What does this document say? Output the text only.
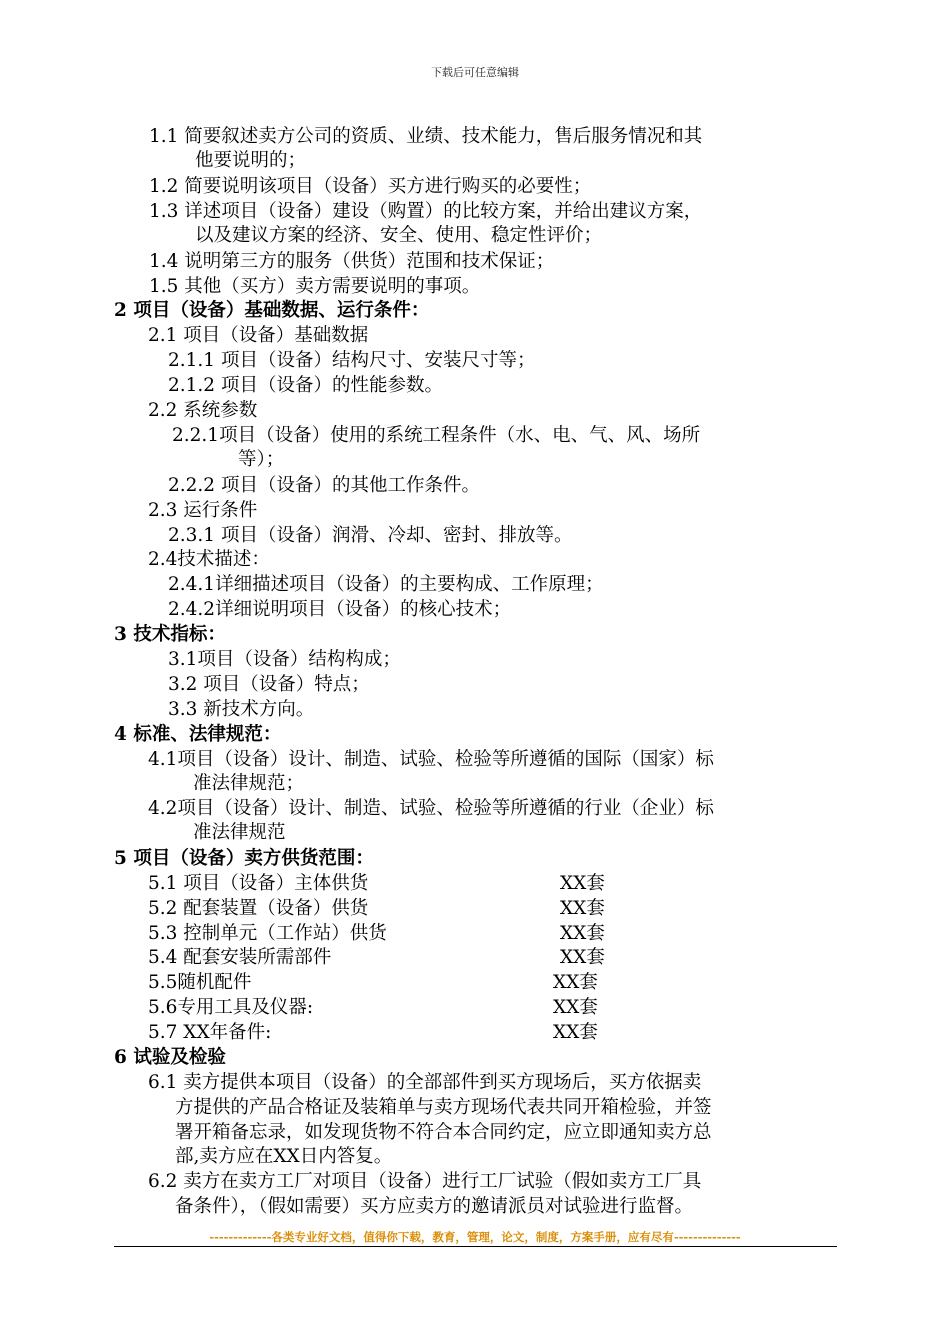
下载后可任意编辑
1.1 简要叙述卖方公司的资质、业绩、技术能力，售后服务情况和其
他要说明的；
1.2 简要说明该项目（设备）买方进行购买的必要性；
1.3 详述项目（设备）建设（购置）的比较方案，并给出建议方案，
以及建议方案的经济、安全、使用、稳定性评价；
1.4 说明第三方的服务（供货）范围和技术保证；
1.5 其他（买方）卖方需要说明的事项。
2 项目（设备）基础数据、运行条件：
2.1 项目（设备）基础数据
2.1.1 项目（设备）结构尺寸、安装尺寸等；
2.1.2 项目（设备）的性能参数。
2.2 系统参数
2.2.1项目（设备）使用的系统工程条件（水、电、气、风、场所
等）；
2.2.2 项目（设备）的其他工作条件。
2.3 运行条件
2.3.1 项目（设备）润滑、冷却、密封、排放等。
2.4技术描述：
2.4.1详细描述项目（设备）的主要构成、工作原理；
2.4.2详细说明项目（设备）的核心技术；
3 技术指标：
3.1项目（设备）结构构成；
3.2 项目（设备）特点；
3.3 新技术方向。
4 标准、法律规范：
4.1项目（设备）设计、制造、试验、检验等所遵循的国际（国家）标
准法律规范；
4.2项目（设备）设计、制造、试验、检验等所遵循的行业（企业）标
准法律规范
5 项目（设备）卖方供货范围：
5.1 项目（设备）主体供货	XX套
5.2 配套装置（设备）供货	XX套
5.3 控制单元（工作站）供货	XX套
5.4 配套安装所需部件	XX套
5.5随机配件	XX套
5.6专用工具及仪器:	XX套
5.7 XX年备件:	XX套
6 试验及检验
6.1 卖方提供本项目（设备）的全部部件到买方现场后，买方依据卖
方提供的产品合格证及装箱单与卖方现场代表共同开箱检验，并签
署开箱备忘录，如发现货物不符合本合同约定，应立即通知卖方总
部,卖方应在XX日内答复。
6.2 卖方在卖方工厂对项目（设备）进行工厂试验（假如卖方工厂具
备条件），（假如需要）买方应卖方的邀请派员对试验进行监督。
-------------各类专业好文档，值得你下载，教育，管理，论文，制度，方案手册，应有尽有--------------
